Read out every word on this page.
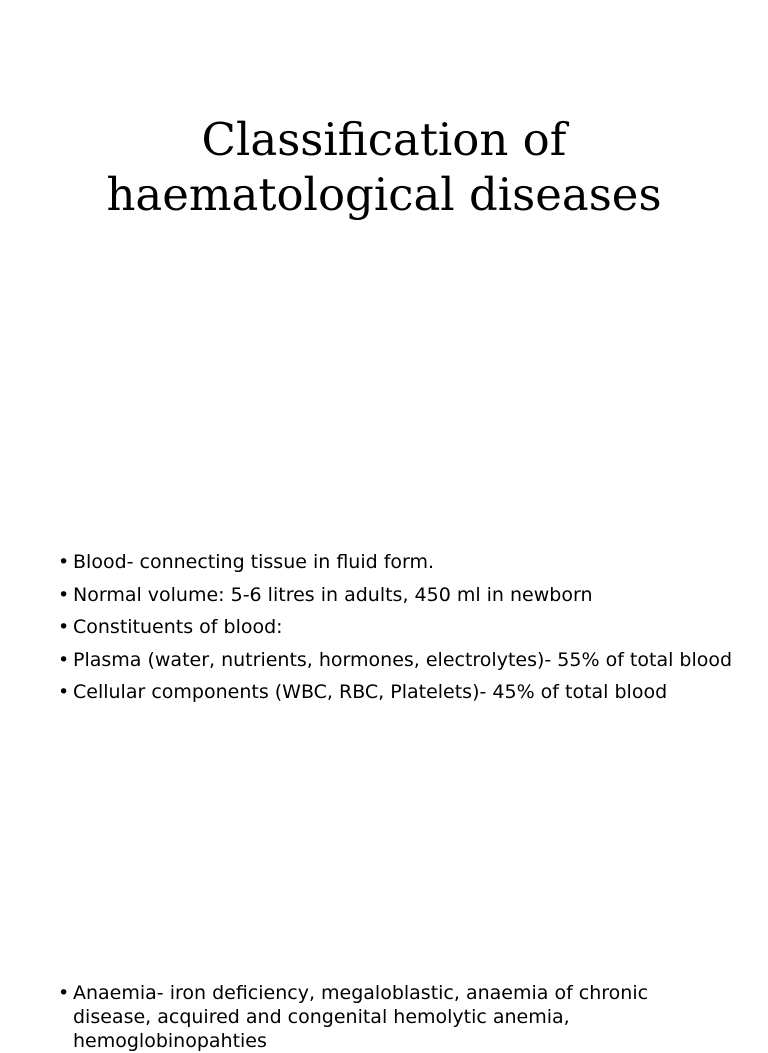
Classification of
haematological diseases
• Blood- connecting tissue in fluid form.
• Normal volume: 5-6 litres in adults, 450 ml in newborn
• Constituents of blood:
• Plasma (water, nutrients, hormones, electrolytes)- 55% of total blood
• Cellular components (WBC, RBC, Platelets)- 45% of total blood
• Anaemia- iron deficiency, megaloblastic, anaemia of chronic disease, acquired and congenital hemolytic anemia, hemoglobinopahties
